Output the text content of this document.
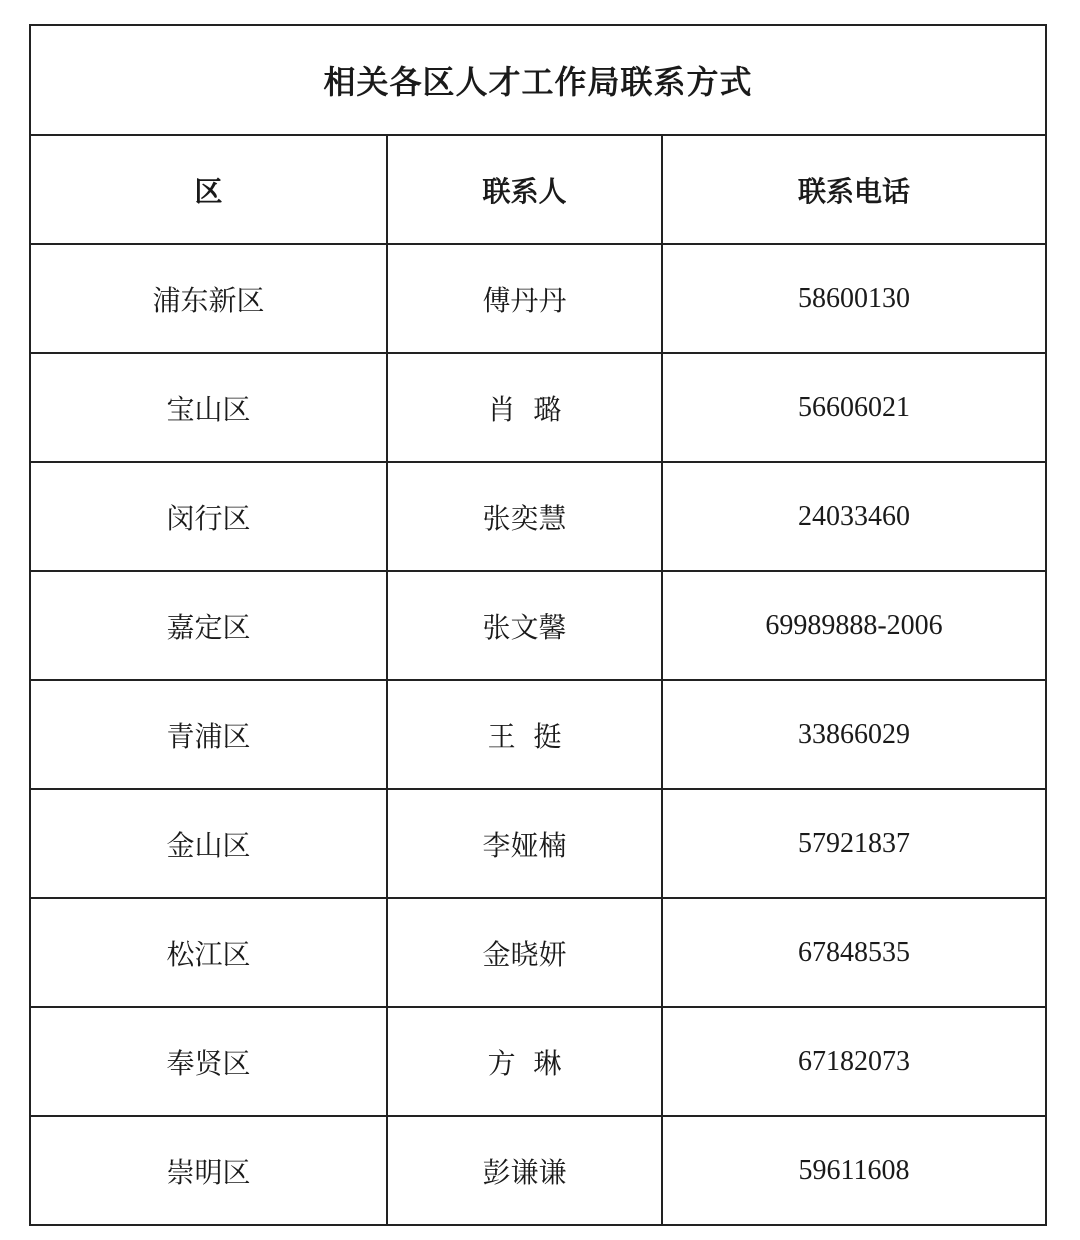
相关各区人才工作局联系方式		
区	联系人	联系电话
浦东新区	傅丹丹	58600130
宝山区	肖  璐	56606021
闵行区	张奕慧	24033460
嘉定区	张文馨	69989888-2006
青浦区	王  挺	33866029
金山区	李娅楠	57921837
松江区	金晓妍	67848535
奉贤区	方  琳	67182073
崇明区	彭谦谦	59611608
